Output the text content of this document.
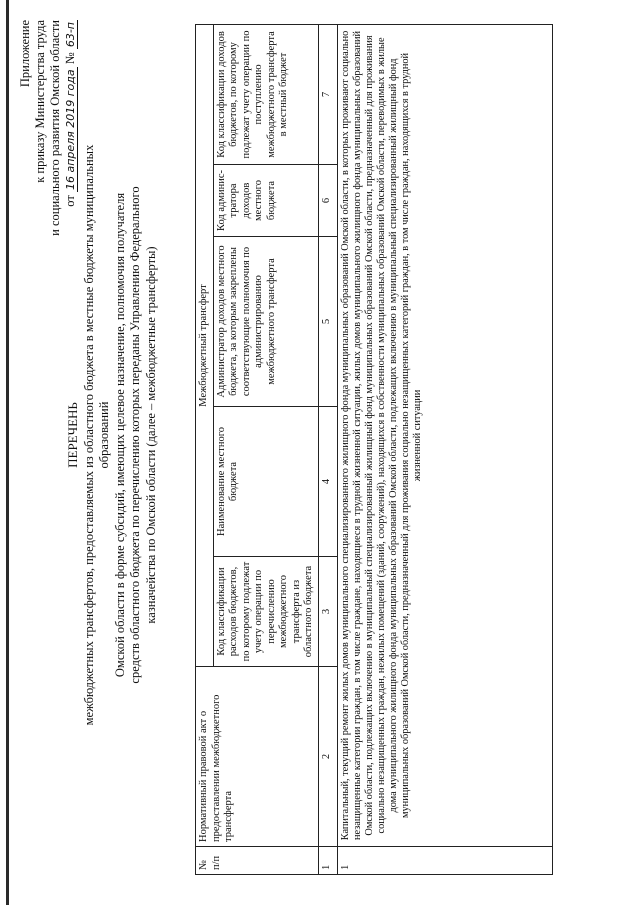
Приложение к приказу Министерства труда и социального развития Омской области от 16 апреля 2019 года № 63-п
ПЕРЕЧЕНЬ межбюджетных трансфертов, предоставляемых из областного бюджета в местные бюджеты муниципальных образований Омской области в форме субсидий, имеющих целевое назначение, полномочия получателя средств областного бюджета по перечислению которых переданы Управлению Федерального казначейства по Омской области (далее – межбюджетные трансферты)
№ п/п	Нормативный правовой акт о предоставлении межбюджетного трансферта	Межбюджетный трансферт				
		Код классификации расходов бюджетов, по которому подлежат учету операции по перечислению межбюджетного трансферта из областного бюджета	Наименование местного бюджета	Администратор доходов местного бюджета, за которым закреплены соответствующие полномочия по администрированию межбюджетного трансферта	Код админис-тратора доходов местного бюджета	Код классификации доходов бюджетов, по которому подлежат учету операции по поступлению межбюджетного трансферта в местный бюджет
1	2	3	4	5	6	7
1	Капитальный, текущий ремонт жилых домов муниципального специализированного жилищного фонда муниципальных образований Омской области, в которых проживают социально незащищенные категории граждан, в том числе граждане, находящиеся в трудной жизненной ситуации, жилых домов муниципального жилищного фонда муниципальных образований Омской области, подлежащих включению в муниципальный специализированный жилищный фонд муниципальных образований Омской области, предназначенный для проживания социально незащищенных граждан, нежилых помещений (зданий, сооружений), находящихся в собственности муниципальных образований Омской области, переводимых в жилые дома муниципального жилищного фонда муниципальных образований Омской области, подлежащих включению в муниципальный специализированный жилищный фонд муниципальных образований Омской области, предназначенный для проживания социально незащищенных категорий граждан, в том числе граждан, находящихся в трудной жизненной ситуации					
